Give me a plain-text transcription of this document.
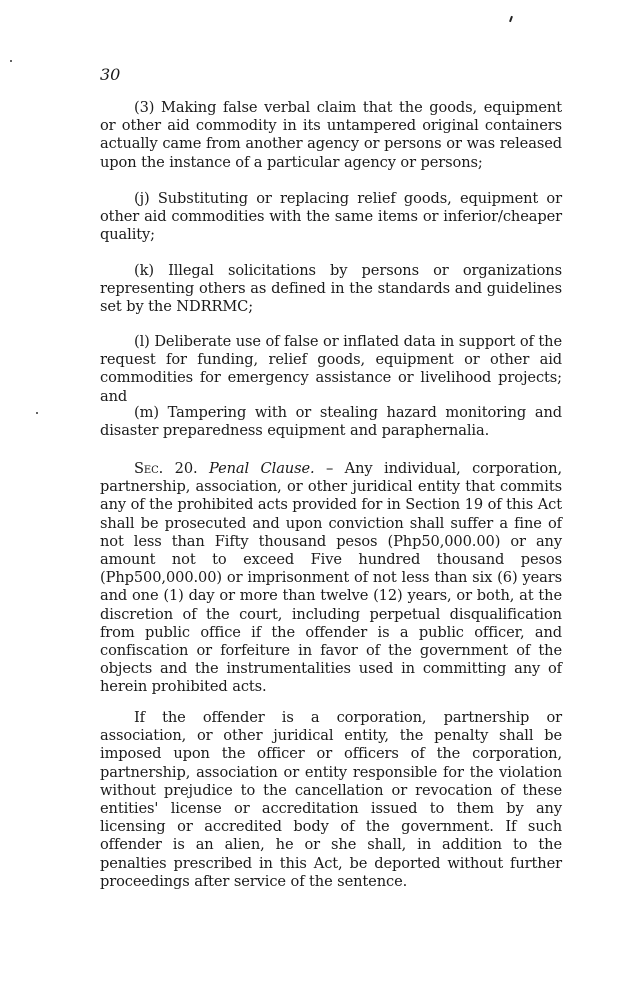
30

(3) Making false verbal claim that the goods, equipment or other aid commodity in its untampered original containers actually came from another agency or persons or was released upon the instance of a particular agency or persons;

(j) Substituting or replacing relief goods, equipment or other aid commodities with the same items or inferior/cheaper quality;

(k) Illegal solicitations by persons or organizations representing others as defined in the standards and guidelines set by the NDRRMC;

(l) Deliberate use of false or inflated data in support of the request for funding, relief goods, equipment or other aid commodities for emergency assistance or livelihood projects; and

(m) Tampering with or stealing hazard monitoring and disaster preparedness equipment and paraphernalia.

Sec. 20. Penal Clause. – Any individual, corporation, partnership, association, or other juridical entity that commits any of the prohibited acts provided for in Section 19 of this Act shall be prosecuted and upon conviction shall suffer a fine of not less than Fifty thousand pesos (Php50,000.00) or any amount not to exceed Five hundred thousand pesos (Php500,000.00) or imprisonment of not less than six (6) years and one (1) day or more than twelve (12) years, or both, at the discretion of the court, including perpetual disqualification from public office if the offender is a public officer, and confiscation or forfeiture in favor of the government of the objects and the instrumentalities used in committing any of herein prohibited acts.

If the offender is a corporation, partnership or association, or other juridical entity, the penalty shall be imposed upon the officer or officers of the corporation, partnership, association or entity responsible for the violation without prejudice to the cancellation or revocation of these entities' license or accreditation issued to them by any licensing or accredited body of the government. If such offender is an alien, he or she shall, in addition to the penalties prescribed in this Act, be deported without further proceedings after service of the sentence.
